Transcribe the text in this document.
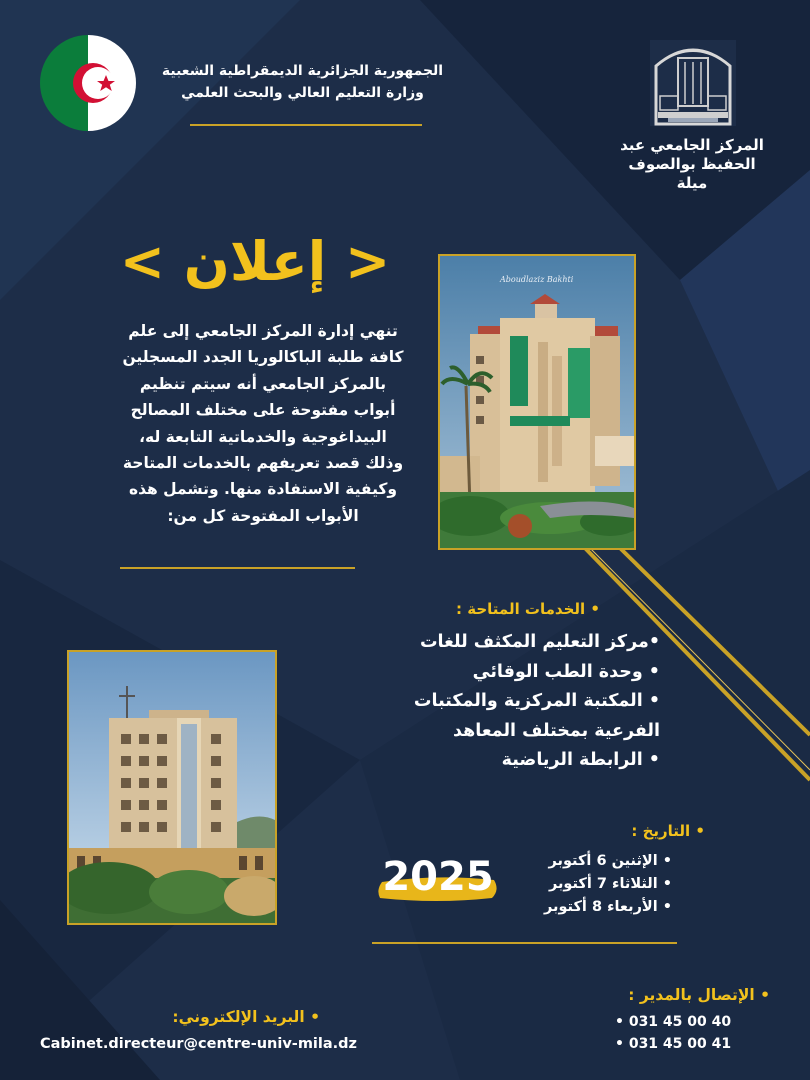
الجمهورية الجزائرية الديمقراطية الشعبية
وزارة التعليم العالي والبحث العلمي
المركز الجامعي عبد
الحفيظ بوالصوف
ميلة
< إعلان >
تنهي إدارة المركز الجامعي إلى علم
كافة طلبة الباكالوريا الجدد المسجلين
بالمركز الجامعي أنه سيتم تنظيم
أبواب مفتوحة على مختلف المصالح
البيداغوجية والخدماتية التابعة له،
وذلك قصد تعريفهم بالخدمات المتاحة
وكيفية الاستفادة منها. وتشمل هذه
الأبواب المفتوحة كل من:
Aboudlaziz Bakhti
• الخدمات المتاحة :
•مركز التعليم المكثف للغات
• وحدة الطب الوقائي
• المكتبة المركزية والمكتبات
الفرعية بمختلف المعاهد
• الرابطة الرياضية
• التاريخ :
• الإثنين 6 أكتوبر
• الثلاثاء 7 أكتوبر
• الأربعاء 8 أكتوبر
2025
• الإتصال بالمدير :
• 031 45 00 40
• 031 45 00 41
• البريد الإلكتروني:
Cabinet.directeur@centre-univ-mila.dz
